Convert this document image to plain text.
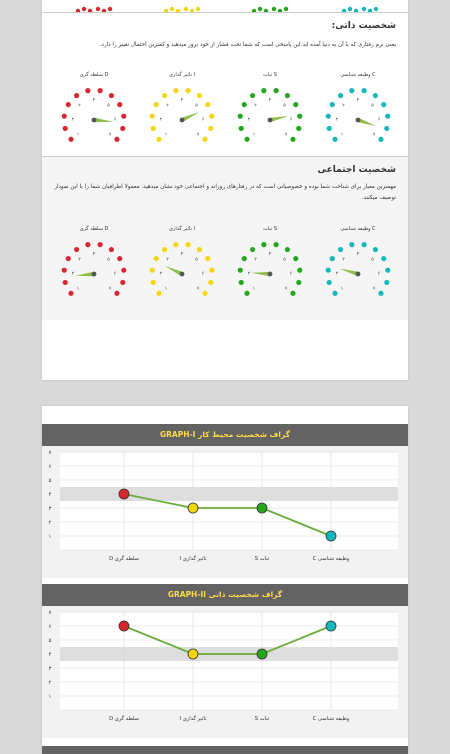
شخصیت ذاتی:
یعنی نرم رفتاری که با آن به دنیا آمده اید.این پاسخی است که شما تحت فشار از خود بروز میدهید و کمترین احتمال تغییر را دارد.
شخصیت اجتماعی
مهمترین معیار برای شناخت شما بوده و خصوصیاتی است که در رفتارهای روزانه و اجتماعی خود نشان میدهید. معمولا اطرافیان شما را با این نمودار توصیف میکنند.
سلطه گری D
۱
۲
۳
۴
۵
۶
۷
تاثیر گذاری I
۱
۲
۳
۴
۵
۶
۷
ثبات S
۱
۲
۳
۴
۵
۶
۷
وظیفه شناسی C
۱
۲
۳
۴
۵
۶
۷
سلطه گری D
۱
۲
۳
۴
۵
۶
۷
تاثیر گذاری I
۱
۲
۳
۴
۵
۶
۷
ثبات S
۱
۲
۳
۴
۵
۶
۷
وظیفه شناسی C
۱
۲
۳
۴
۵
۶
۷
گراف شخصیت محیط کار GRAPH-I
۱
۲
۳
۴
۵
۶
۷
سلطه گری D	تاثیر گذاری I	ثبات S	وظیفه شناسی C
گراف شخصیت ذاتی GRAPH-II
۱
۲
۳
۴
۵
۶
۷
سلطه گری D	تاثیر گذاری I	ثبات S	وظیفه شناسی C
